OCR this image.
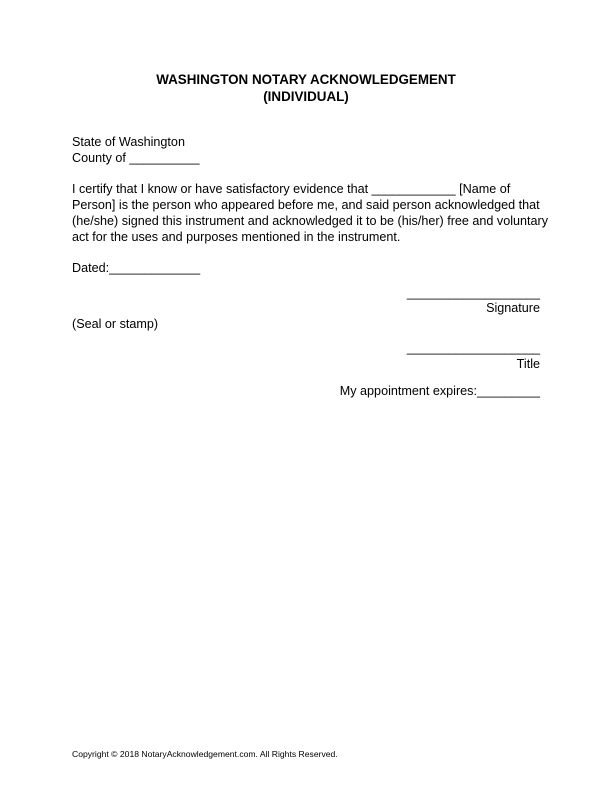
WASHINGTON NOTARY ACKNOWLEDGEMENT
(INDIVIDUAL)
State of Washington
County of __________
I certify that I know or have satisfactory evidence that ____________ [Name of
Person] is the person who appeared before me, and said person acknowledged that
(he/she) signed this instrument and acknowledged it to be (his/her) free and voluntary
act for the uses and purposes mentioned in the instrument.
Dated:_____________
___________________
Signature
(Seal or stamp)
___________________
Title
My appointment expires:_________
Copyright © 2018 NotaryAcknowledgement.com. All Rights Reserved.
